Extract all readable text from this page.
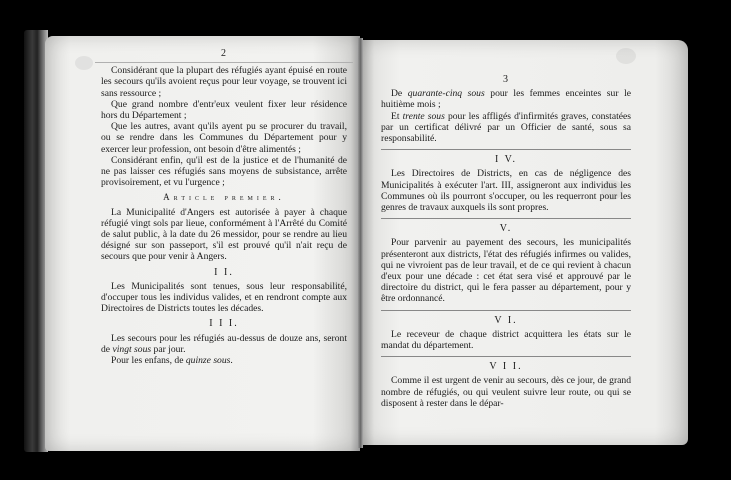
2

Considérant que la plupart des réfugiés ayant épuisé en route les secours qu'ils avoient reçus pour leur voyage, se trouvent ici sans ressource ;

Que grand nombre d'entr'eux veulent fixer leur résidence hors du Département ;

Que les autres, avant qu'ils ayent pu se procurer du travail, ou se rendre dans les Communes du Département pour y exercer leur profession, ont besoin d'être alimentés ;

Considérant enfin, qu'il est de la justice et de l'humanité de ne pas laisser ces réfugiés sans moyens de subsistance, arrête provisoirement, et vu l'urgence ;

Article premier.

La Municipalité d'Angers est autorisée à payer à chaque réfugié vingt sols par lieue, conformément à l'Arrêté du Comité de salut public, à la date du 26 messidor, pour se rendre au lieu désigné sur son passeport, s'il est prouvé qu'il n'ait reçu de secours que pour venir à Angers.

I I.

Les Municipalités sont tenues, sous leur responsabilité, d'occuper tous les individus valides, et en rendront compte aux Directoires de Districts toutes les décades.

I I I.

Les secours pour les réfugiés au-dessus de douze ans, seront de vingt sous par jour.

Pour les enfans, de quinze sous.

3

De quarante-cinq sous pour les femmes enceintes sur le huitième mois ;

Et trente sous pour les affligés d'infirmités graves, constatées par un certificat délivré par un Officier de santé, sous sa responsabilité.

I V.

Les Directoires de Districts, en cas de négligence des Municipalités à exécuter l'art. III, assigneront aux individus les Communes où ils pourront s'occuper, ou les requerront pour les genres de travaux auxquels ils sont propres.

V.

Pour parvenir au payement des secours, les municipalités présenteront aux districts, l'état des réfugiés infirmes ou valides, qui ne vivroient pas de leur travail, et de ce qui revient à chacun d'eux pour une décade : cet état sera visé et approuvé par le directoire du district, qui le fera passer au département, pour y être ordonnancé.

V I.

Le receveur de chaque district acquittera les états sur le mandat du département.

V I I.

Comme il est urgent de venir au secours, dès ce jour, de grand nombre de réfugiés, ou qui veulent suivre leur route, ou qui se disposent à rester dans le dépar-
